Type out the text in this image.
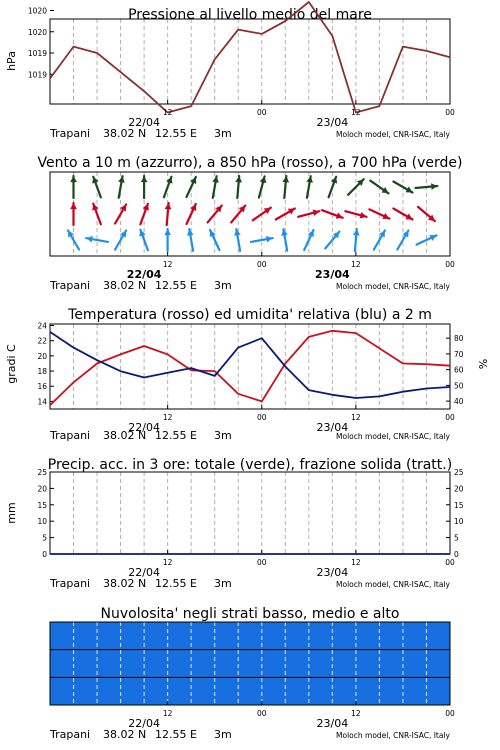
Pressione al livello medio del mare
hPa
1019
1019
1020
1020
12	00	12	00
22/04	23/04
Trapani 38.02 N 12.55 E 3m	Moloch model, CNR-ISAC, Italy
Vento a 10 m (azzurro), a 850 hPa (rosso), a 700 hPa (verde)
12	00	12	00
22/04	23/04
Trapani 38.02 N 12.55 E 3m	Moloch model, CNR-ISAC, Italy
Temperatura (rosso) ed umidita' relativa (blu) a 2 m
gradi C	%
14
16
18
20
22
24
40
50
60
70
80
12	00	12	00
22/04	23/04
Trapani 38.02 N 12.55 E 3m	Moloch model, CNR-ISAC, Italy
Precip. acc. in 3 ore: totale (verde), frazione solida (tratt.)
mm
0
5
10
15
20
25
0
5
10
15
20
25
12	00	12	00
22/04	23/04
Trapani 38.02 N 12.55 E 3m	Moloch model, CNR-ISAC, Italy
Nuvolosita' negli strati basso, medio e alto
12	00	12	00
22/04	23/04
Trapani 38.02 N 12.55 E 3m	Moloch model, CNR-ISAC, Italy
